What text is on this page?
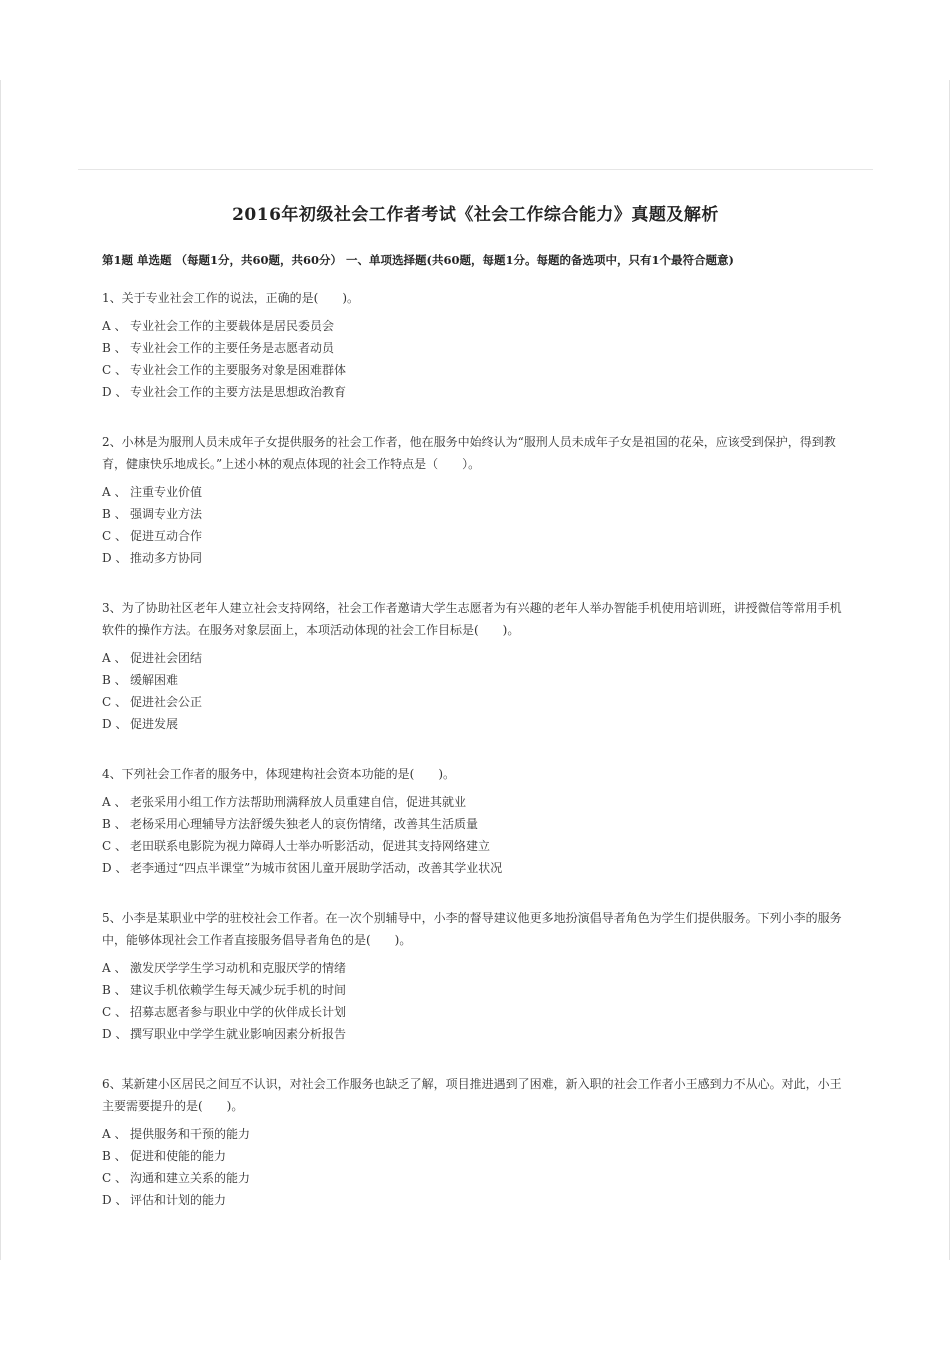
2016年初级社会工作者考试《社会工作综合能力》真题及解析
第1题 单选题 （每题1分，共60题，共60分） 一、单项选择题(共60题，每题1分。每题的备选项中，只有1个最符合题意)
1、关于专业社会工作的说法，正确的是(　　)。
A 、 专业社会工作的主要载体是居民委员会
B 、 专业社会工作的主要任务是志愿者动员
C 、 专业社会工作的主要服务对象是困难群体
D 、 专业社会工作的主要方法是思想政治教育
2、小林是为服刑人员未成年子女提供服务的社会工作者，他在服务中始终认为“服刑人员未成年子女是祖国的花朵，应该受到保护，得到教育，健康快乐地成长。”上述小林的观点体现的社会工作特点是（　　）。
A 、 注重专业价值
B 、 强调专业方法
C 、 促进互动合作
D 、 推动多方协同
3、为了协助社区老年人建立社会支持网络，社会工作者邀请大学生志愿者为有兴趣的老年人举办智能手机使用培训班，讲授微信等常用手机软件的操作方法。在服务对象层面上，本项活动体现的社会工作目标是(　　)。
A 、 促进社会团结
B 、 缓解困难
C 、 促进社会公正
D 、 促进发展
4、下列社会工作者的服务中，体现建构社会资本功能的是(　　)。
A 、 老张采用小组工作方法帮助刑满释放人员重建自信，促进其就业
B 、 老杨采用心理辅导方法舒缓失独老人的哀伤情绪，改善其生活质量
C 、 老田联系电影院为视力障碍人士举办听影活动，促进其支持网络建立
D 、 老李通过“四点半课堂”为城市贫困儿童开展助学活动，改善其学业状况
5、小李是某职业中学的驻校社会工作者。在一次个别辅导中，小李的督导建议他更多地扮演倡导者角色为学生们提供服务。下列小李的服务中，能够体现社会工作者直接服务倡导者角色的是(　　)。
A 、 激发厌学学生学习动机和克服厌学的情绪
B 、 建议手机依赖学生每天减少玩手机的时间
C 、 招募志愿者参与职业中学的伙伴成长计划
D 、 撰写职业中学学生就业影响因素分析报告
6、某新建小区居民之间互不认识，对社会工作服务也缺乏了解，项目推进遇到了困难，新入职的社会工作者小王感到力不从心。对此，小王主要需要提升的是(　　)。
A 、 提供服务和干预的能力
B 、 促进和使能的能力
C 、 沟通和建立关系的能力
D 、 评估和计划的能力
